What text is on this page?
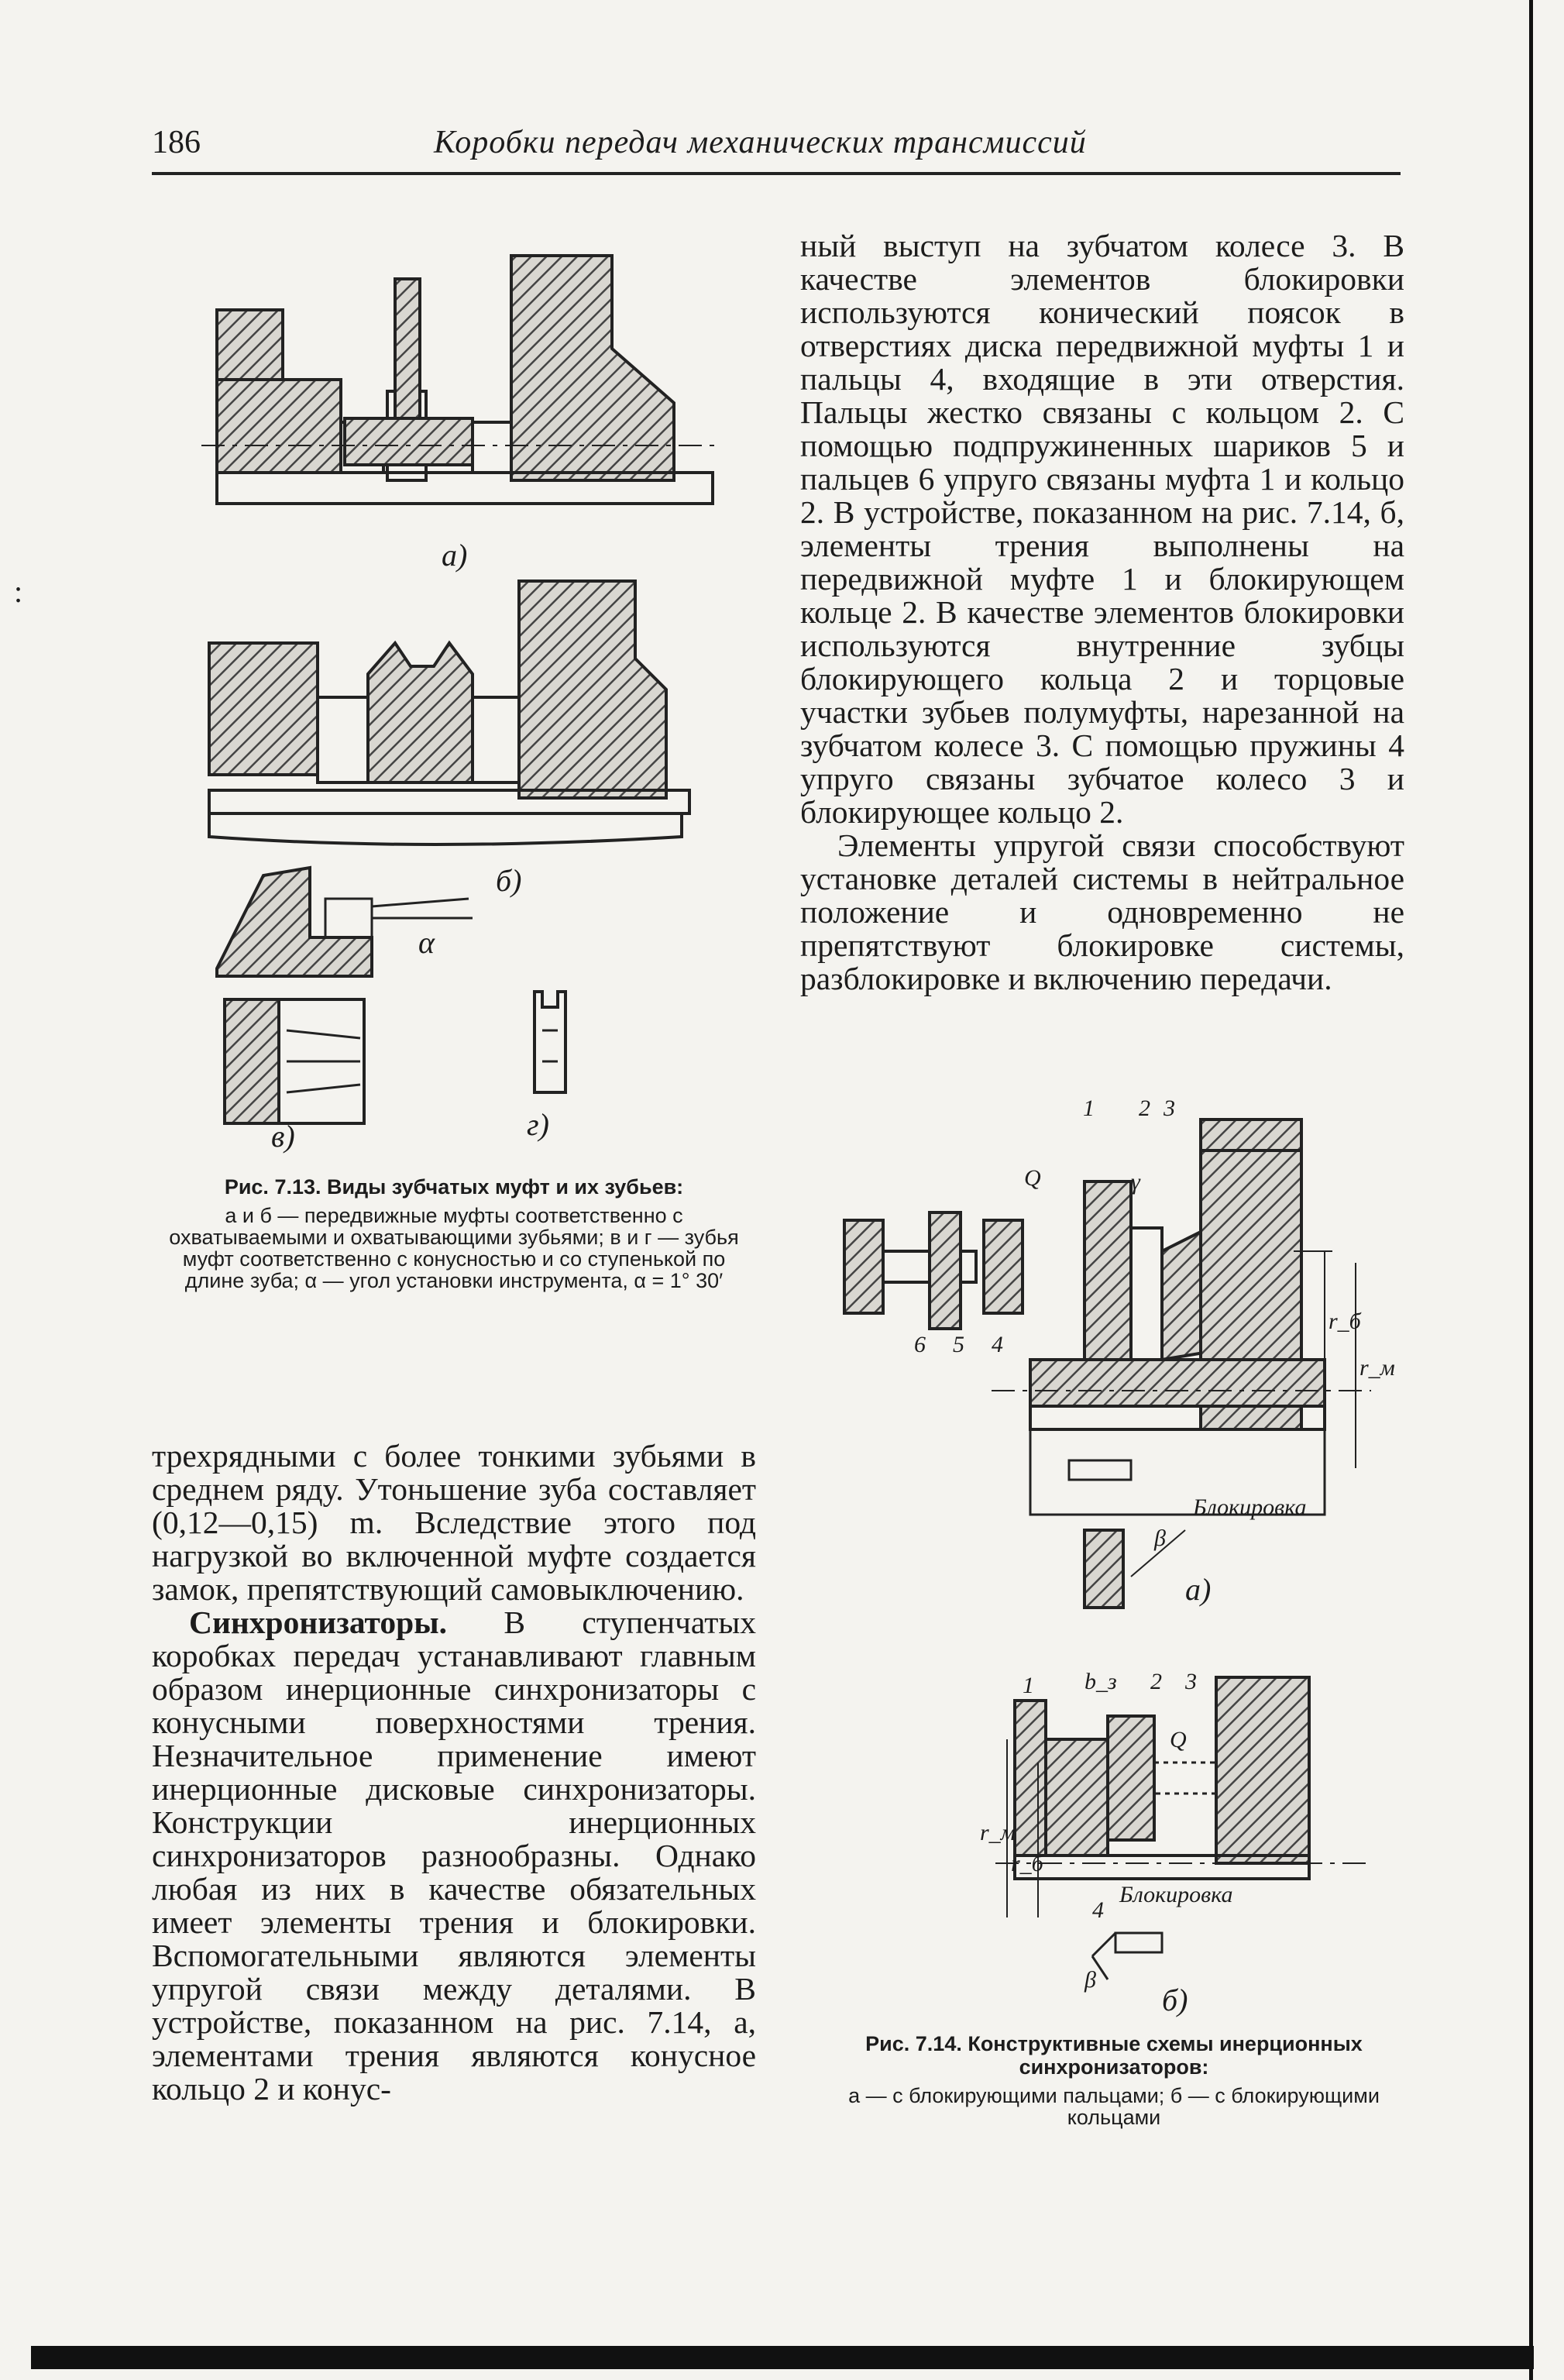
:
186	Коробки передач механических трансмиссий
а)
б)
α
в)	г)
Рис. 7.13. Виды зубчатых муфт и их зубьев:
а и б — передвижные муфты соответственно с охватываемыми и охватывающими зубьями; в и г — зубья муфт соответственно с конусностью и со ступенькой по длине зуба; α — угол установки инструмента, α = 1° 30′

ный выступ на зубчатом колесе 3. В качестве элементов блокировки используются конический поясок в отверстиях диска передвижной муфты 1 и пальцы 4, входящие в эти отверстия. Пальцы жестко связаны с кольцом 2. С помощью подпружиненных шариков 5 и пальцев 6 упруго связаны муфта 1 и кольцо 2. В устройстве, показанном на рис. 7.14, б, элементы трения выполнены на передвижной муфте 1 и блокирующем кольце 2. В качестве элементов блокировки используются внутренние зубцы блокирующего кольца 2 и торцовые участки зубьев полумуфты, нарезанной на зубчатом колесе 3. С помощью пружины 4 упруго связаны зубчатое колесо 3 и блокирующее кольцо 2.

Элементы упругой связи способствуют установке деталей системы в нейтральное положение и одновременно не препятствуют блокировке системы, разблокировке и включению передачи.

1 2 3
Q	γ
6 5 4
r_б
r_м
Блокировка
β
а)
1 b_з 2 3
Q
r_м
r_б
4
Блокировка
β
б)
Рис. 7.14. Конструктивные схемы инерционных синхронизаторов:
а — с блокирующими пальцами; б — с блокирующими кольцами

трехрядными с более тонкими зубьями в среднем ряду. Утоньшение зуба составляет (0,12—0,15) m. Вследствие этого под нагрузкой во включенной муфте создается замок, препятствующий самовыключению.

Синхронизаторы. В ступенчатых коробках передач устанавливают главным образом инерционные синхронизаторы с конусными поверхностями трения. Незначительное применение имеют инерционные дисковые синхронизаторы. Конструкции инерционных синхронизаторов разнообразны. Однако любая из них в качестве обязательных имеет элементы трения и блокировки. Вспомогательными являются элементы упругой связи между деталями. В устройстве, показанном на рис. 7.14, а, элементами трения являются конусное кольцо 2 и конус-
